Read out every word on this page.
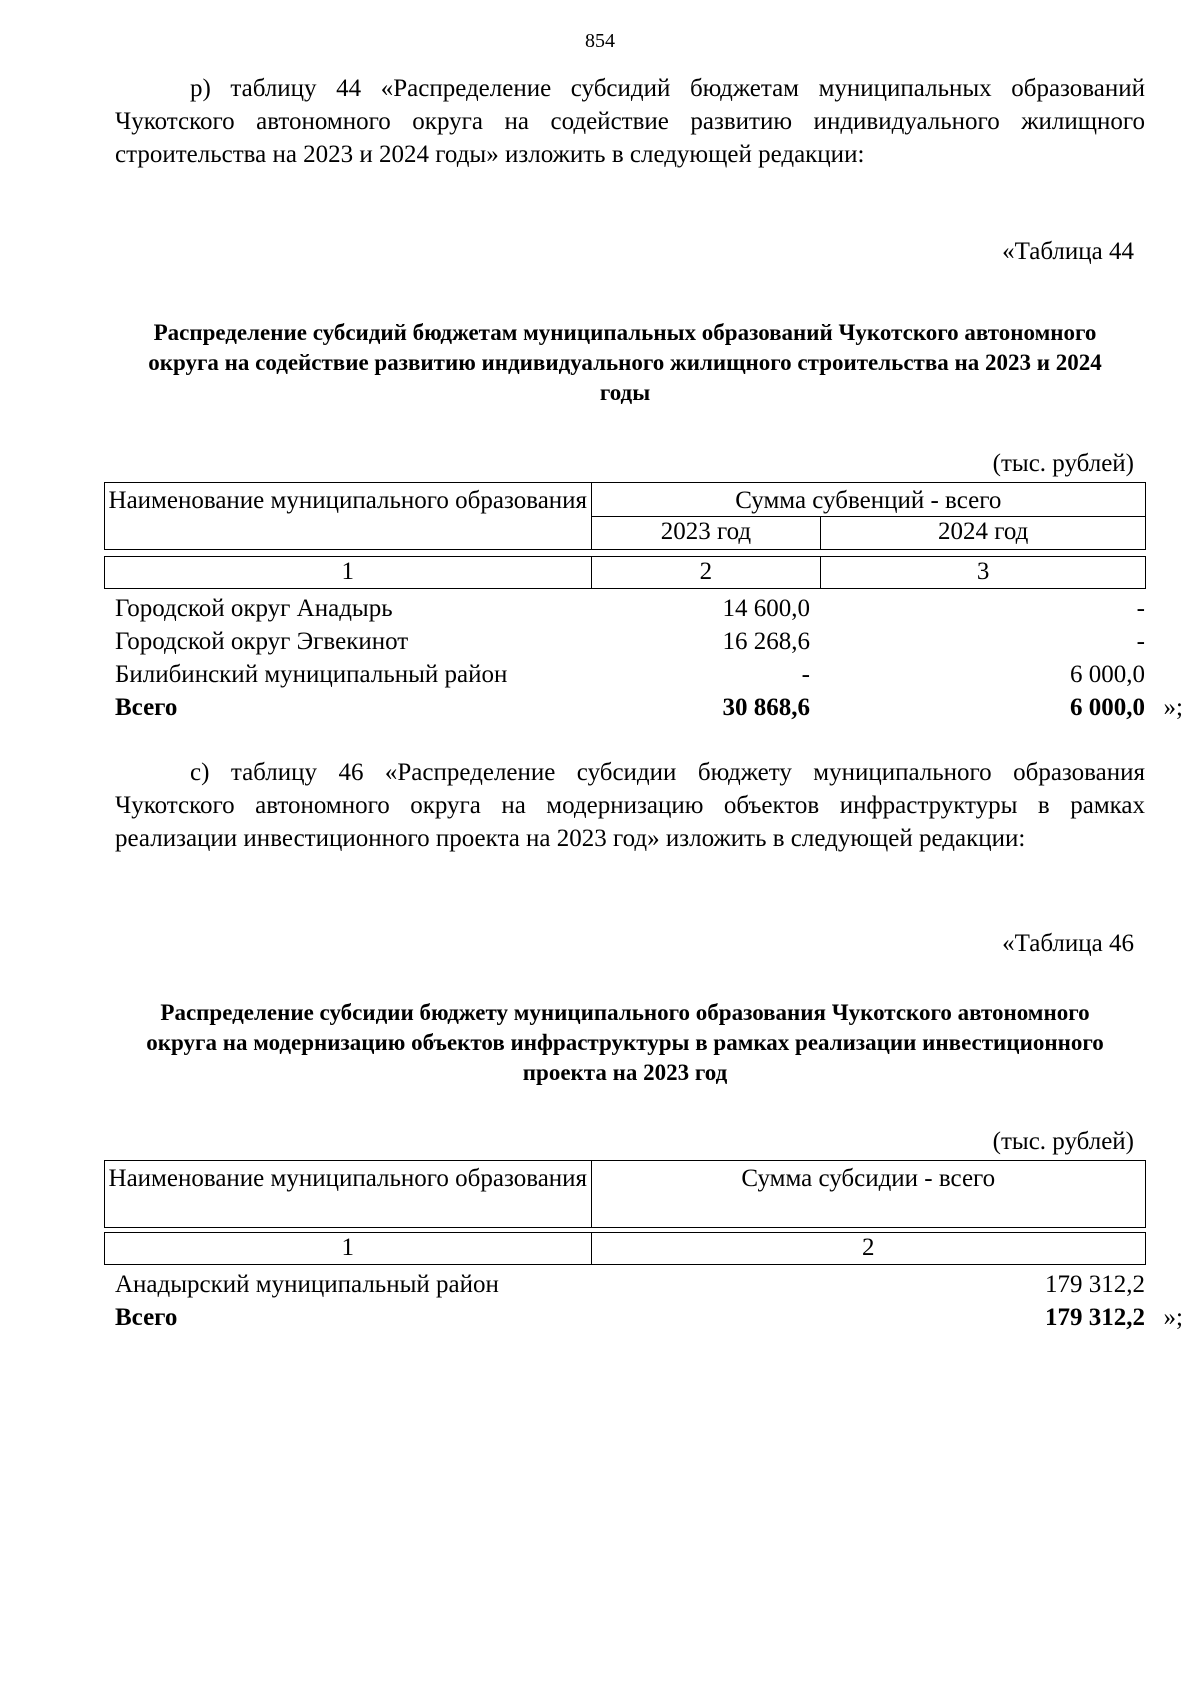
854
р) таблицу 44 «Распределение субсидий бюджетам муниципальных образований Чукотского автономного округа на содействие развитию индивидуального жилищного строительства на 2023 и 2024 годы» изложить в следующей редакции:
«Таблица 44
Распределение субсидий бюджетам муниципальных образований Чукотского автономного округа на содействие развитию индивидуального жилищного строительства на 2023 и 2024 годы
(тыс. рублей)
Наименование муниципального образования	Сумма субвенций - всего	
	2023 год	2024 год
1	2	3
Городской округ Анадырь	14 600,0	-
Городской округ Эгвекинот	16 268,6	-
Билибинский муниципальный район	-	6 000,0
Всего	30 868,6	6 000,0 »;
с) таблицу 46 «Распределение субсидии бюджету муниципального образования Чукотского автономного округа на модернизацию объектов инфраструктуры в рамках реализации инвестиционного проекта на 2023 год» изложить в следующей редакции:
«Таблица 46
Распределение субсидии бюджету муниципального образования Чукотского автономного округа на модернизацию объектов инфраструктуры в рамках реализации инвестиционного проекта на 2023 год
(тыс. рублей)
Наименование муниципального образования	Сумма субсидии - всего
1	2
Анадырский муниципальный район	179 312,2
Всего	179 312,2 »;
